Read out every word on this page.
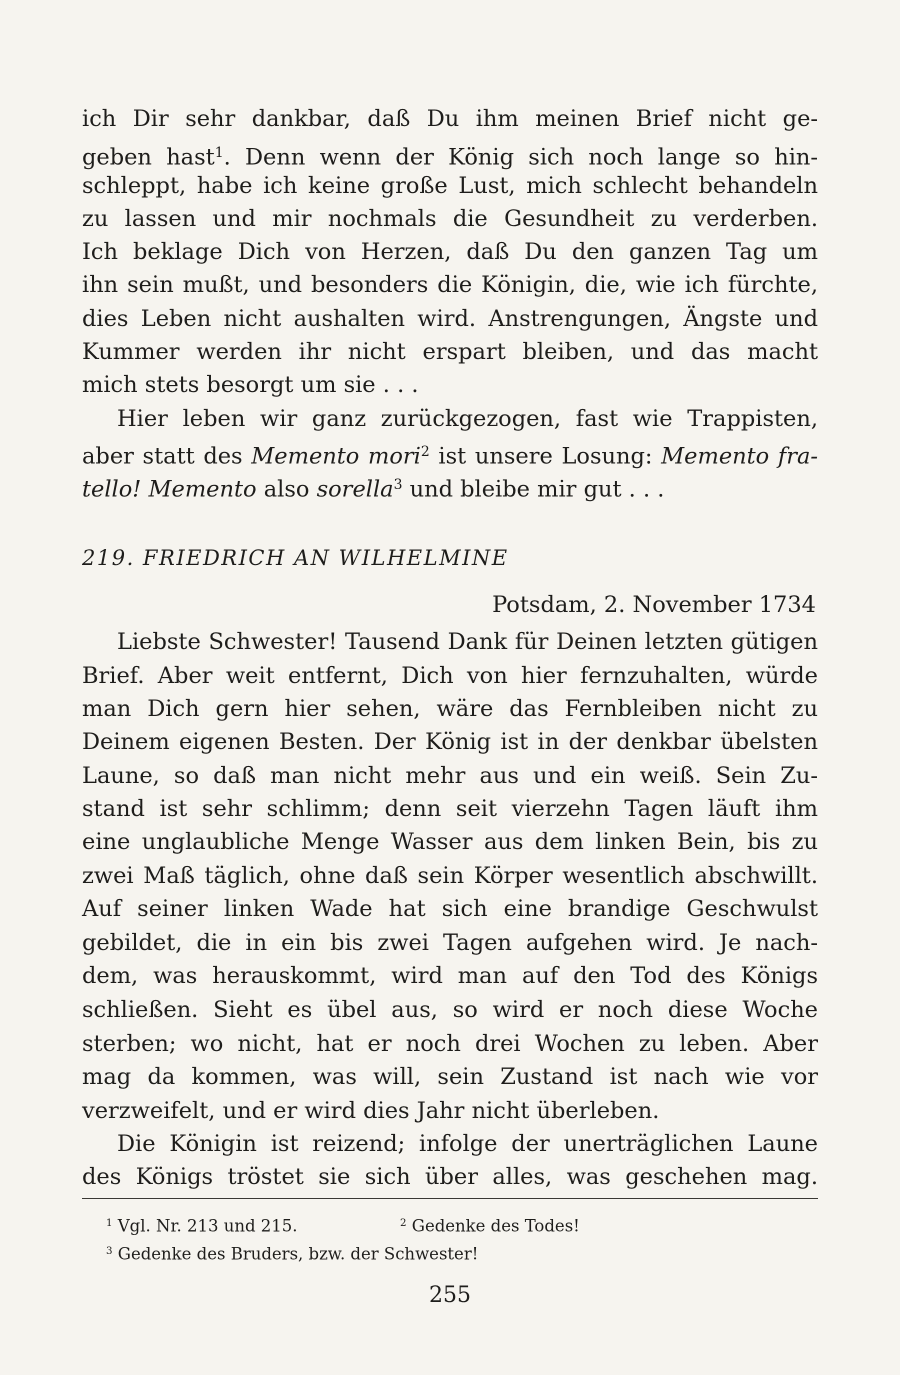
ich Dir sehr dankbar, daß Du ihm meinen Brief nicht ge-
geben hast$^1$. Denn wenn der König sich noch lange so hin-
schleppt, habe ich keine große Lust, mich schlecht behandeln
zu lassen und mir nochmals die Gesundheit zu verderben.
Ich beklage Dich von Herzen, daß Du den ganzen Tag um
ihn sein mußt, und besonders die Königin, die, wie ich fürchte,
dies Leben nicht aushalten wird. Anstrengungen, Ängste und
Kummer werden ihr nicht erspart bleiben, und das macht
mich stets besorgt um sie . . .
Hier leben wir ganz zurückgezogen, fast wie Trappisten,
aber statt des Memento mori$^2$ ist unsere Losung: Memento fra-
tello! Memento also sorella$^3$ und bleibe mir gut . . .
219. FRIEDRICH AN WILHELMINE
Potsdam, 2. November 1734
Liebste Schwester! Tausend Dank für Deinen letzten gütigen
Brief. Aber weit entfernt, Dich von hier fernzuhalten, würde
man Dich gern hier sehen, wäre das Fernbleiben nicht zu
Deinem eigenen Besten. Der König ist in der denkbar übelsten
Laune, so daß man nicht mehr aus und ein weiß. Sein Zu-
stand ist sehr schlimm; denn seit vierzehn Tagen läuft ihm
eine unglaubliche Menge Wasser aus dem linken Bein, bis zu
zwei Maß täglich, ohne daß sein Körper wesentlich abschwillt.
Auf seiner linken Wade hat sich eine brandige Geschwulst
gebildet, die in ein bis zwei Tagen aufgehen wird. Je nach-
dem, was herauskommt, wird man auf den Tod des Königs
schließen. Sieht es übel aus, so wird er noch diese Woche
sterben; wo nicht, hat er noch drei Wochen zu leben. Aber
mag da kommen, was will, sein Zustand ist nach wie vor
verzweifelt, und er wird dies Jahr nicht überleben.
Die Königin ist reizend; infolge der unerträglichen Laune
des Königs tröstet sie sich über alles, was geschehen mag.
$^1$ Vgl. Nr. 213 und 215.	$^2$ Gedenke des Todes!
$^3$ Gedenke des Bruders, bzw. der Schwester!
255
